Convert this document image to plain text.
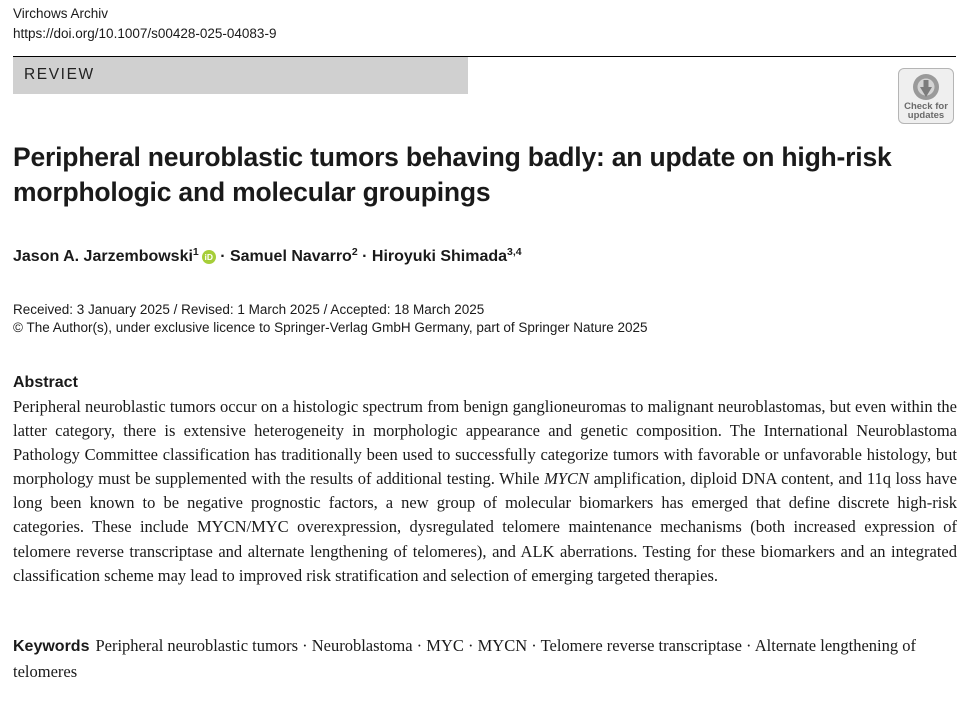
Virchows Archiv
https://doi.org/10.1007/s00428-025-04083-9
REVIEW
Check for
updates
Peripheral neuroblastic tumors behaving badly: an update on high-risk morphologic and molecular groupings
Jason A. Jarzembowski$^1$ iD · Samuel Navarro$^2$ · Hiroyuki Shimada$^{3,4}$
Received: 3 January 2025 / Revised: 1 March 2025 / Accepted: 18 March 2025
© The Author(s), under exclusive licence to Springer-Verlag GmbH Germany, part of Springer Nature 2025
Abstract

Peripheral neuroblastic tumors occur on a histologic spectrum from benign ganglioneuromas to malignant neuroblastomas, but even within the latter category, there is extensive heterogeneity in morphologic appearance and genetic composition. The International Neuroblastoma Pathology Committee classification has traditionally been used to successfully categorize tumors with favorable or unfavorable histology, but morphology must be supplemented with the results of additional testing. While MYCN amplification, diploid DNA content, and 11q loss have long been known to be negative prognostic factors, a new group of molecular biomarkers has emerged that define discrete high-risk categories. These include MYCN/MYC overexpression, dysregulated telomere maintenance mechanisms (both increased expression of telomere reverse transcriptase and alternate lengthening of telomeres), and ALK aberrations. Testing for these biomarkers and an integrated classification scheme may lead to improved risk stratification and selection of emerging targeted therapies.

Keywords Peripheral neuroblastic tumors · Neuroblastoma · MYC · MYCN · Telomere reverse transcriptase · Alternate lengthening of telomeres
